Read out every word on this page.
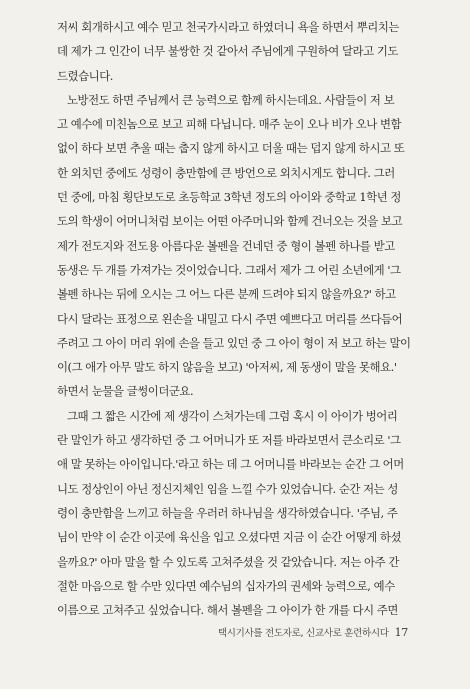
저씨 회개하시고 예수 믿고 천국가시라고 하였더니 욕을 하면서 뿌리치는
데 제가 그 인간이 너무 불쌍한 것 같아서 주님에게 구원하여 달라고 기도
드렸습니다.
노방전도 하면 주님께서 큰 능력으로 함께 하시는데요. 사람들이 저 보
고 예수에 미친놈으로 보고 피해 다닙니다. 매주 눈이 오나 비가 오나 변함
없이 하다 보면 추울 때는 춥지 않게 하시고 더울 때는 덥지 않게 하시고 또
한 외치던 중에도 성령이 충만함에 큰 방언으로 외치시게도 합니다. 그러
던 중에, 마침 횡단보도로 초등학교 3학년 정도의 아이와 중학교 1학년 정
도의 학생이 어머니처럼 보이는 어떤 아주머니와 함께 건너오는 것을 보고
제가 전도지와 전도용 아름다운 볼펜을 건네던 중 형이 볼펜 하나를 받고
동생은 두 개를 가져가는 것이었습니다. 그래서 제가 그 어린 소년에게 '그
볼펜 하나는 뒤에 오시는 그 어느 다른 분께 드려야 되지 않을까요?' 하고
다시 달라는 표정으로 왼손을 내밀고 다시 주면 예쁘다고 머리를 쓰다듬어
주려고 그 아이 머리 위에 손을 들고 있던 중 그 아이 형이 저 보고 하는 말이
이(그 애가 아무 말도 하지 않음을 보고) '아저씨, 제 동생이 말을 못해요.'
하면서 눈물을 글썽이더군요.
그때 그 짧은 시간에 제 생각이 스쳐가는데 그럼 혹시 이 아이가 벙어리
란 말인가 하고 생각하던 중 그 어머니가 또 저를 바라보면서 큰소리로 '그
애 말 못하는 아이입니다.'라고 하는 데 그 어머니를 바라보는 순간 그 어머
니도 정상인이 아닌 정신지체인 임을 느낄 수가 있었습니다. 순간 저는 성
령이 충만함을 느끼고 하늘을 우러러 하나님을 생각하였습니다. '주님, 주
님이 만약 이 순간 이곳에 육신을 입고 오셨다면 지금 이 순간 어떻게 하셨
을까요?' 아마 말을 할 수 있도록 고쳐주셨을 것 같았습니다. 저는 아주 간
절한 마음으로 할 수만 있다면 예수님의 십자가의 권세와 능력으로, 예수
이름으로 고쳐주고 싶었습니다. 해서 볼펜을 그 아이가 한 개를 다시 주면
택시기사를 전도자로, 신교사로 훈련하시다 17
